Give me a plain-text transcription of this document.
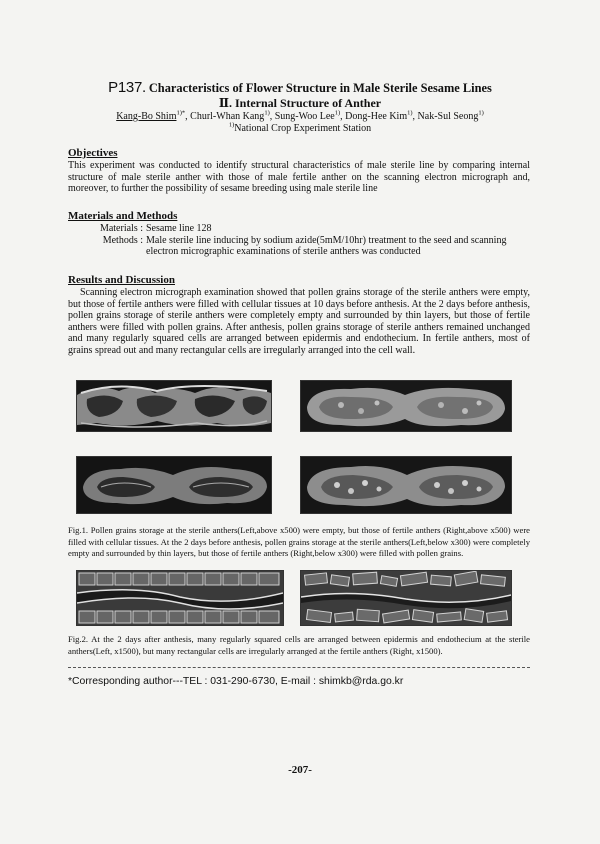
P137. Characteristics of Flower Structure in Male Sterile Sesame Lines
Ⅱ. Internal Structure of Anther
Kang-Bo Shim$^{1)*}$, Churl-Whan Kang$^{1)}$, Sung-Woo Lee$^{1)}$, Dong-Hee Kim$^{1)}$, Nak-Sul Seong$^{1)}$
$^{1)}$National Crop Experiment Station
Objectives
This experiment was conducted to identify structural characteristics of male sterile line by comparing internal structure of male sterile anther with those of male fertile anther on the scanning electron micrograph and, moreover, to further the possibility of sesame breeding using male sterile line
Materials and Methods
Materials : Sesame line 128
Methods : Male sterile line inducing by sodium azide(5mM/10hr) treatment to the seed and scanning electron micrographic examinations of sterile anthers was conducted
Results and Discussion
Scanning electron micrograph examination showed that pollen grains storage of the sterile anthers were empty, but those of fertile anthers were filled with cellular tissues at 10 days before anthesis. At the 2 days before anthesis, pollen grains storage of sterile anthers were completely empty and surrounded by thin layers, but those of fertile anthers were filled with pollen grains. After anthesis, pollen grains storage of sterile anthers remained unchanged and many regularly squared cells are arranged between epidermis and endothecium. In fertile anthers, most of grains spread out and many rectangular cells are irregularly arranged into the cell wall.
Fig.1. Pollen grains storage at the sterile anthers(Left,above x500) were empty, but those of fertile anthers (Right,above x500) were filled with cellular tissues. At the 2 days before anthesis, pollen grains storage at the sterile anthers(Left,below x300) were completely empty and surrounded by thin layers, but those of fertile anthers (Right,below x300) were filled with pollen grains.
Fig.2. At the 2 days after anthesis, many regularly squared cells are arranged between epidermis and endothecium at the sterile anthers(Left, x1500), but many rectangular cells are irregularly arranged at the fertile anthers (Right, x1500).
*Corresponding author---TEL : 031-290-6730, E-mail : shimkb@rda.go.kr
-207-
